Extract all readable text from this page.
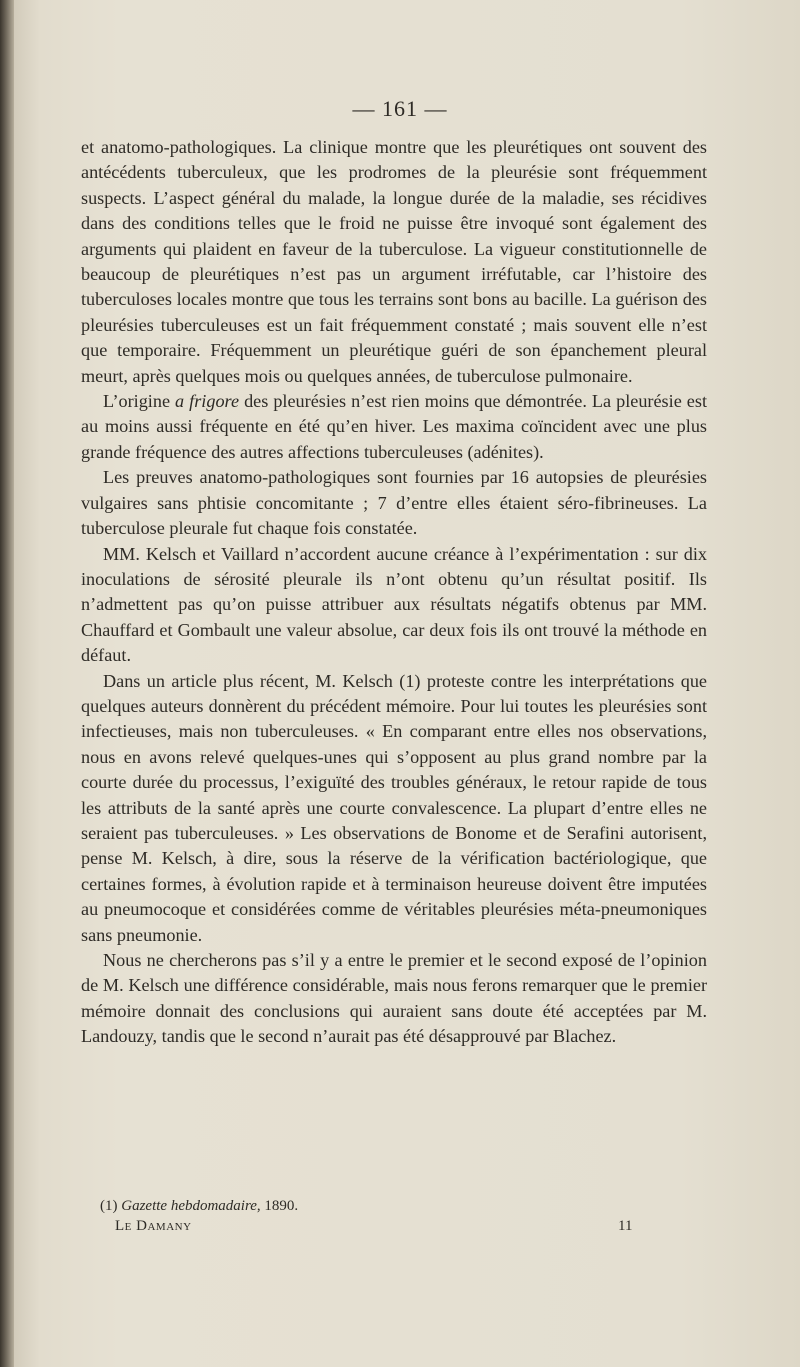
— 161 —

et anatomo-pathologiques. La clinique montre que les pleurétiques ont souvent des antécédents tuberculeux, que les prodromes de la pleurésie sont fréquemment suspects. L’aspect général du malade, la longue durée de la maladie, ses récidives dans des conditions telles que le froid ne puisse être invoqué sont également des arguments qui plaident en faveur de la tuberculose. La vigueur constitutionnelle de beaucoup de pleurétiques n’est pas un argument irréfutable, car l’histoire des tuberculoses locales montre que tous les terrains sont bons au bacille. La guérison des pleurésies tuberculeuses est un fait fréquemment constaté ; mais souvent elle n’est que temporaire. Fréquemment un pleurétique guéri de son épanchement pleural meurt, après quelques mois ou quelques années, de tuberculose pulmonaire.

L’origine a frigore des pleurésies n’est rien moins que démontrée. La pleurésie est au moins aussi fréquente en été qu’en hiver. Les maxima coïncident avec une plus grande fréquence des autres affections tuberculeuses (adénites).

Les preuves anatomo-pathologiques sont fournies par 16 autopsies de pleurésies vulgaires sans phtisie concomitante ; 7 d’entre elles étaient séro-fibrineuses. La tuberculose pleurale fut chaque fois constatée.

MM. Kelsch et Vaillard n’accordent aucune créance à l’expérimentation : sur dix inoculations de sérosité pleurale ils n’ont obtenu qu’un résultat positif. Ils n’admettent pas qu’on puisse attribuer aux résultats négatifs obtenus par MM. Chauffard et Gombault une valeur absolue, car deux fois ils ont trouvé la méthode en défaut.

Dans un article plus récent, M. Kelsch (1) proteste contre les interprétations que quelques auteurs donnèrent du précédent mémoire. Pour lui toutes les pleurésies sont infectieuses, mais non tuberculeuses. « En comparant entre elles nos observations, nous en avons relevé quelques-unes qui s’opposent au plus grand nombre par la courte durée du processus, l’exiguïté des troubles généraux, le retour rapide de tous les attributs de la santé après une courte convalescence. La plupart d’entre elles ne seraient pas tuberculeuses. » Les observations de Bonome et de Serafini autorisent, pense M. Kelsch, à dire, sous la réserve de la vérification bactériologique, que certaines formes, à évolution rapide et à terminaison heureuse doivent être imputées au pneumocoque et considérées comme de véritables pleurésies méta-pneumoniques sans pneumonie.

Nous ne chercherons pas s’il y a entre le premier et le second exposé de l’opinion de M. Kelsch une différence considérable, mais nous ferons remarquer que le premier mémoire donnait des conclusions qui auraient sans doute été acceptées par M. Landouzy, tandis que le second n’aurait pas été désapprouvé par Blachez.

(1) Gazette hebdomadaire, 1890.
Le Damany	11
